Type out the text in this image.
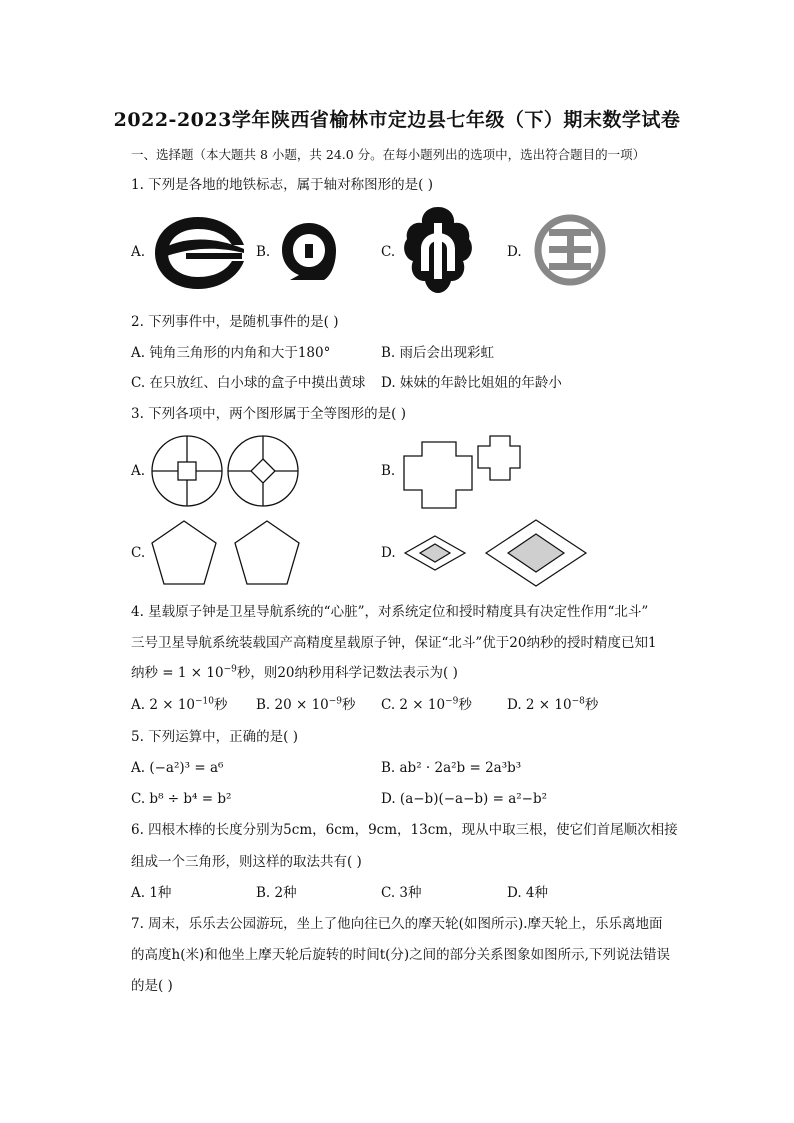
2022-2023学年陕西省榆林市定边县七年级（下）期末数学试卷
一、选择题（本大题共 8 小题，共 24.0 分。在每小题列出的选项中，选出符合题目的一项）
1. 下列是各地的地铁标志，属于轴对称图形的是( )
A.	B.	C.	D.
2. 下列事件中，是随机事件的是( )
A. 钝角三角形的内角和大于180°	B. 雨后会出现彩虹
C. 在只放红、白小球的盒子中摸出黄球 D. 妹妹的年龄比姐姐的年龄小
3. 下列各项中，两个图形属于全等图形的是( )
A.	B.
C.	D.
4. 星载原子钟是卫星导航系统的“心脏”，对系统定位和授时精度具有决定性作用“北斗”
三号卫星导航系统装载国产高精度星载原子钟，保证“北斗”优于20纳秒的授时精度已知1
纳秒 = $1 \times 10^{-9}$秒，则20纳秒用科学记数法表示为( )
A. $2 \times 10^{-10}$秒 B. $20 \times 10^{-9}$秒 C. $2 \times 10^{-9}$秒	D. $2 \times 10^{-8}$秒
5. 下列运算中，正确的是( )
A. (−a²)³ = a⁶	B. ab² · 2a²b = 2a³b³
C. b⁸ ÷ b⁴ = b²	D. (a−b)(−a−b) = a²−b²
6. 四根木棒的长度分别为5cm，6cm，9cm，13cm，现从中取三根，使它们首尾顺次相接
组成一个三角形，则这样的取法共有( )
A. 1种	B. 2种	C. 3种	D. 4种
7. 周末，乐乐去公园游玩，坐上了他向往已久的摩天轮(如图所示).摩天轮上，乐乐离地面
的高度h(米)和他坐上摩天轮后旋转的时间t(分)之间的部分关系图象如图所示,下列说法错误
的是( )
